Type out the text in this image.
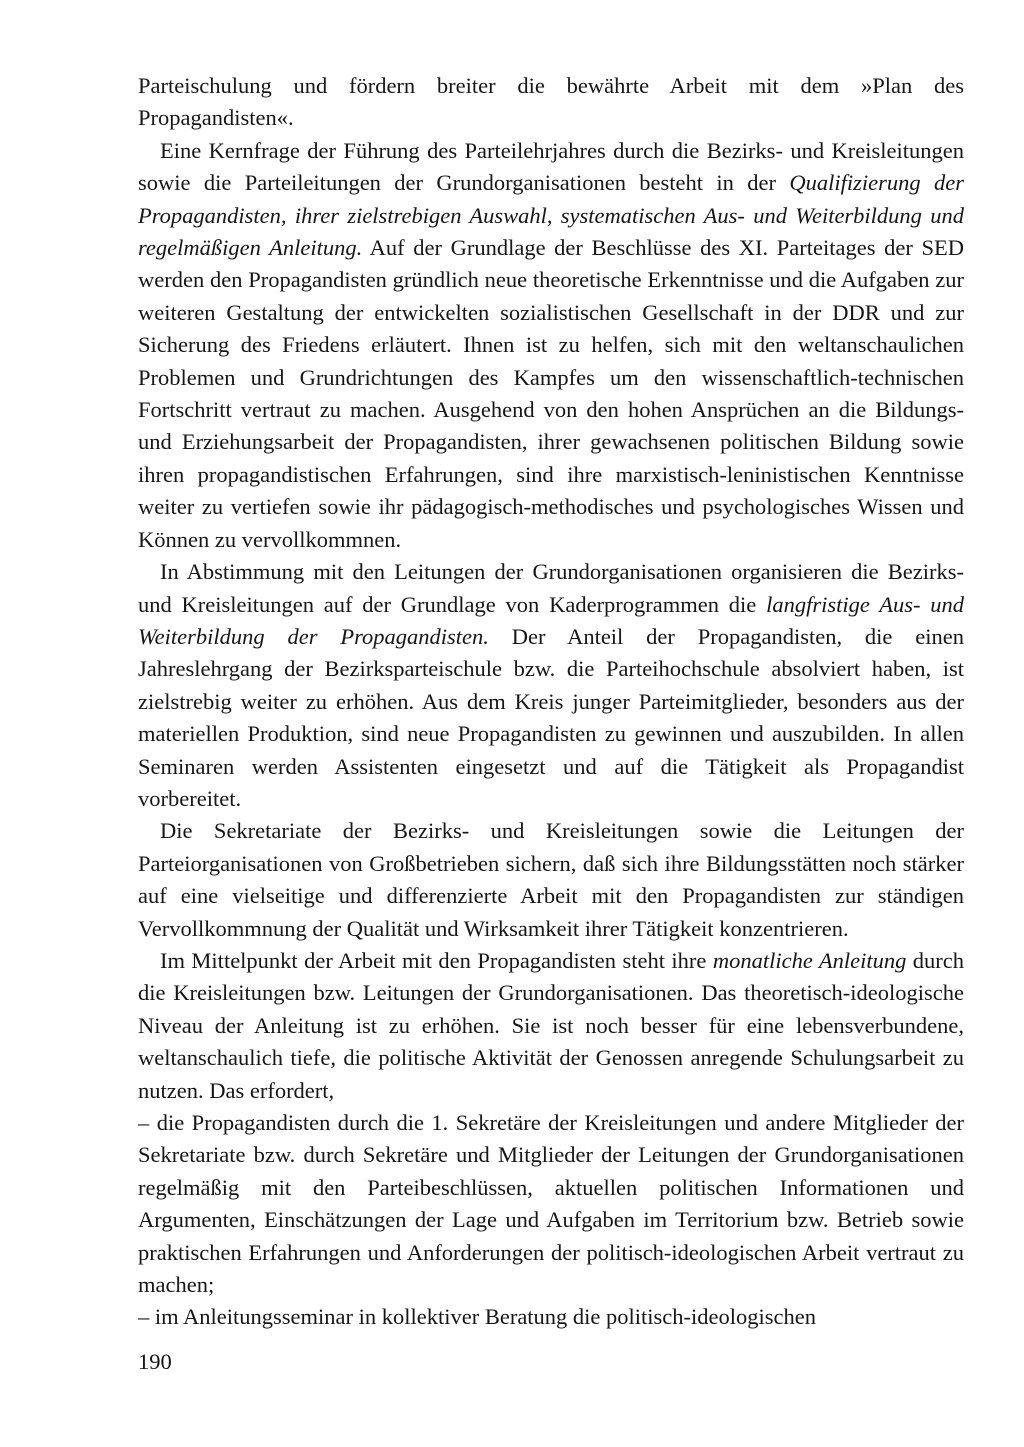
Parteischulung und fördern breiter die bewährte Arbeit mit dem »Plan des Propagandisten«.

Eine Kernfrage der Führung des Parteilehrjahres durch die Bezirks- und Kreisleitungen sowie die Parteileitungen der Grundorganisationen besteht in der Qualifizierung der Propagandisten, ihrer zielstrebigen Auswahl, systematischen Aus- und Weiterbildung und regelmäßigen Anleitung. Auf der Grundlage der Beschlüsse des XI. Parteitages der SED werden den Propagandisten gründlich neue theoretische Erkenntnisse und die Aufgaben zur weiteren Gestaltung der entwickelten sozialistischen Gesellschaft in der DDR und zur Sicherung des Friedens erläutert. Ihnen ist zu helfen, sich mit den weltanschaulichen Problemen und Grundrichtungen des Kampfes um den wissenschaftlich-technischen Fortschritt vertraut zu machen. Ausgehend von den hohen Ansprüchen an die Bildungs- und Erziehungsarbeit der Propagandisten, ihrer gewachsenen politischen Bildung sowie ihren propagandistischen Erfahrungen, sind ihre marxistisch-leninistischen Kenntnisse weiter zu vertiefen sowie ihr pädagogisch-methodisches und psychologisches Wissen und Können zu vervollkommnen.

In Abstimmung mit den Leitungen der Grundorganisationen organisieren die Bezirks- und Kreisleitungen auf der Grundlage von Kaderprogrammen die langfristige Aus- und Weiterbildung der Propagandisten. Der Anteil der Propagandisten, die einen Jahreslehrgang der Bezirksparteischule bzw. die Parteihochschule absolviert haben, ist zielstrebig weiter zu erhöhen. Aus dem Kreis junger Parteimitglieder, besonders aus der materiellen Produktion, sind neue Propagandisten zu gewinnen und auszubilden. In allen Seminaren werden Assistenten eingesetzt und auf die Tätigkeit als Propagandist vorbereitet.

Die Sekretariate der Bezirks- und Kreisleitungen sowie die Leitungen der Parteiorganisationen von Großbetrieben sichern, daß sich ihre Bildungsstätten noch stärker auf eine vielseitige und differenzierte Arbeit mit den Propagandisten zur ständigen Vervollkommnung der Qualität und Wirksamkeit ihrer Tätigkeit konzentrieren.

Im Mittelpunkt der Arbeit mit den Propagandisten steht ihre monatliche Anleitung durch die Kreisleitungen bzw. Leitungen der Grundorganisationen. Das theoretisch-ideologische Niveau der Anleitung ist zu erhöhen. Sie ist noch besser für eine lebensverbundene, weltanschaulich tiefe, die politische Aktivität der Genossen anregende Schulungsarbeit zu nutzen. Das erfordert,

– die Propagandisten durch die 1. Sekretäre der Kreisleitungen und andere Mitglieder der Sekretariate bzw. durch Sekretäre und Mitglieder der Leitungen der Grundorganisationen regelmäßig mit den Parteibeschlüssen, aktuellen politischen Informationen und Argumenten, Einschätzungen der Lage und Aufgaben im Territorium bzw. Betrieb sowie praktischen Erfahrungen und Anforderungen der politisch-ideologischen Arbeit vertraut zu machen;

– im Anleitungsseminar in kollektiver Beratung die politisch-ideologischen

190
